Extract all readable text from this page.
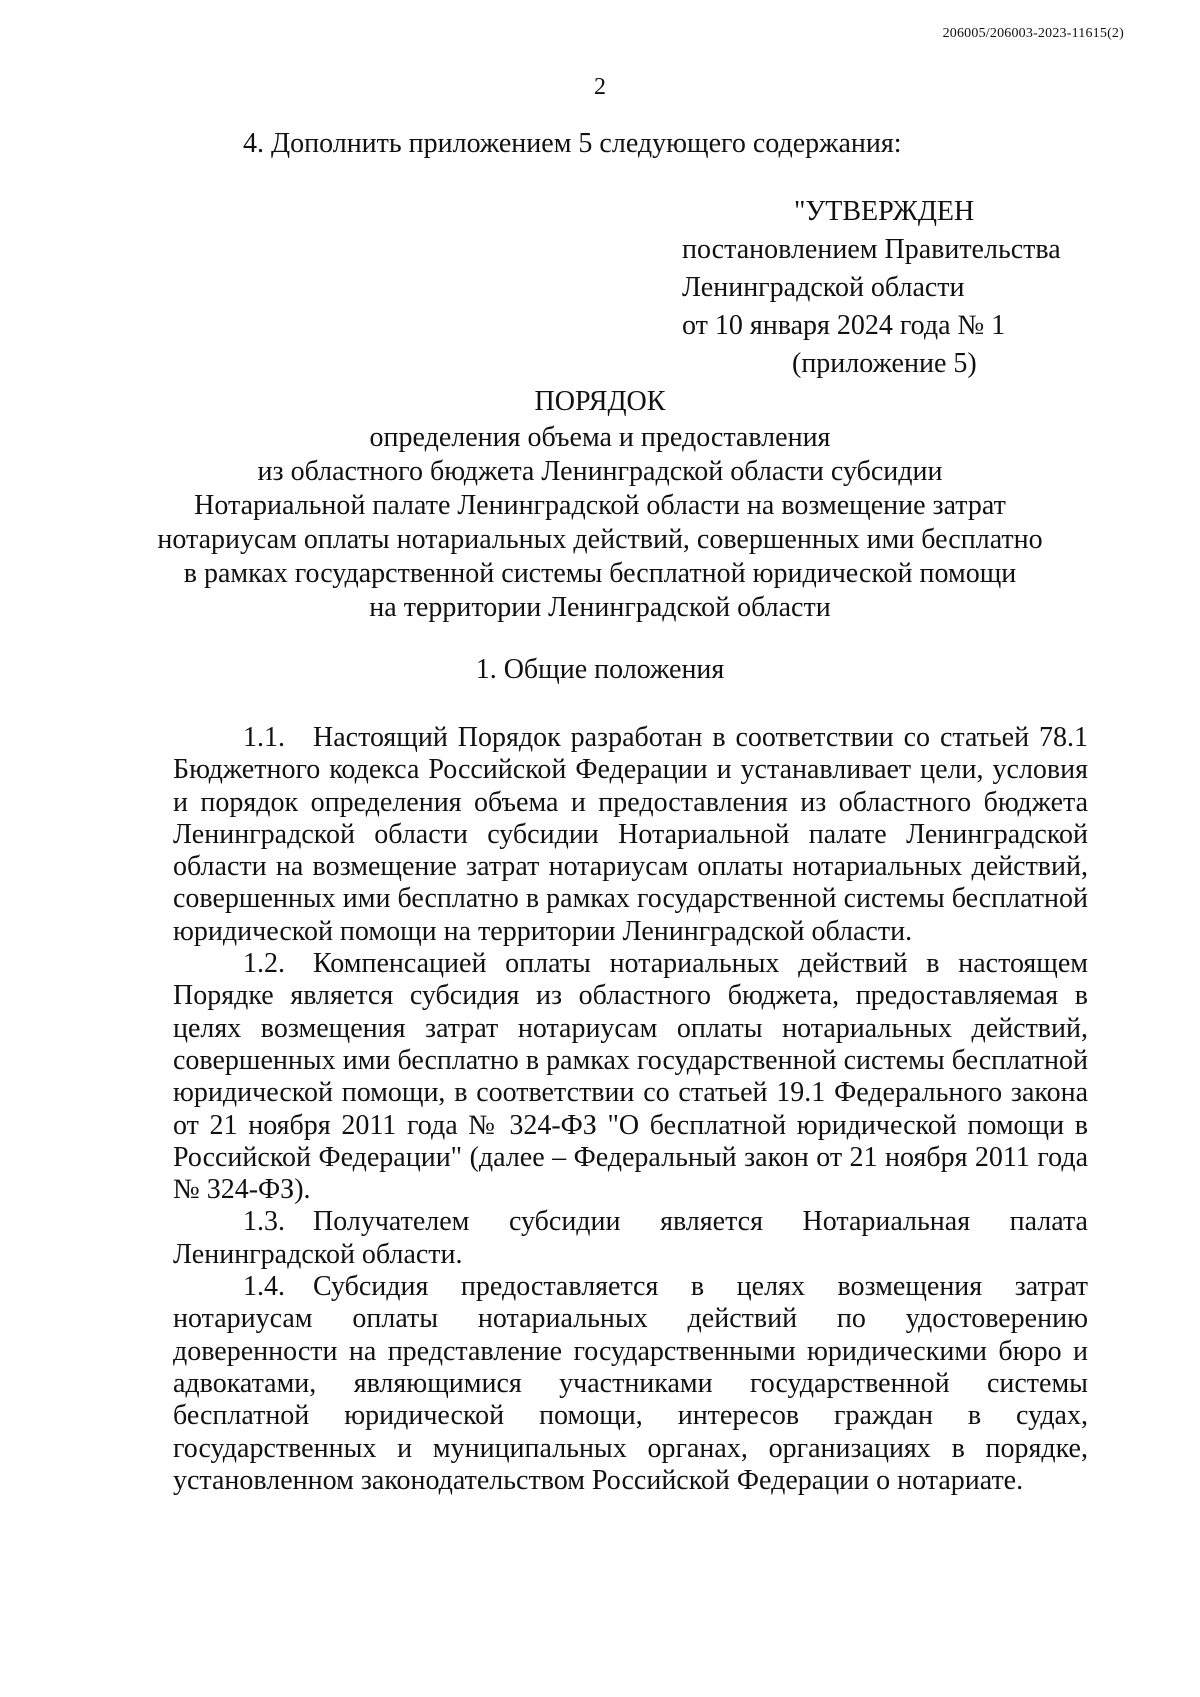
206005/206003-2023-11615(2)
2
4. Дополнить приложением 5 следующего содержания:
"УТВЕРЖДЕН
постановлением Правительства
Ленинградской области
от 10 января 2024 года № 1
(приложение 5)
ПОРЯДОК
определения объема и предоставления
из областного бюджета Ленинградской области субсидии
Нотариальной палате Ленинградской области на возмещение затрат
нотариусам оплаты нотариальных действий, совершенных ими бесплатно
в рамках государственной системы бесплатной юридической помощи
на территории Ленинградской области
1. Общие положения

1.1. Настоящий Порядок разработан в соответствии со статьей 78.1 Бюджетного кодекса Российской Федерации и устанавливает цели, условия и порядок определения объема и предоставления из областного бюджета Ленинградской области субсидии Нотариальной палате Ленинградской области на возмещение затрат нотариусам оплаты нотариальных действий, совершенных ими бесплатно в рамках государственной системы бесплатной юридической помощи на территории Ленинградской области.

1.2. Компенсацией оплаты нотариальных действий в настоящем Порядке является субсидия из областного бюджета, предоставляемая в целях возмещения затрат нотариусам оплаты нотариальных действий, совершенных ими бесплатно в рамках государственной системы бесплатной юридической помощи, в соответствии со статьей 19.1 Федерального закона от 21 ноября 2011 года № 324-ФЗ "О бесплатной юридической помощи в Российской Федерации" (далее – Федеральный закон от 21 ноября 2011 года № 324-ФЗ).

1.3. Получателем субсидии является Нотариальная палата Ленинградской области.

1.4. Субсидия предоставляется в целях возмещения затрат нотариусам оплаты нотариальных действий по удостоверению доверенности на представление государственными юридическими бюро и адвокатами, являющимися участниками государственной системы бесплатной юридической помощи, интересов граждан в судах, государственных и муниципальных органах, организациях в порядке, установленном законодательством Российской Федерации о нотариате.
